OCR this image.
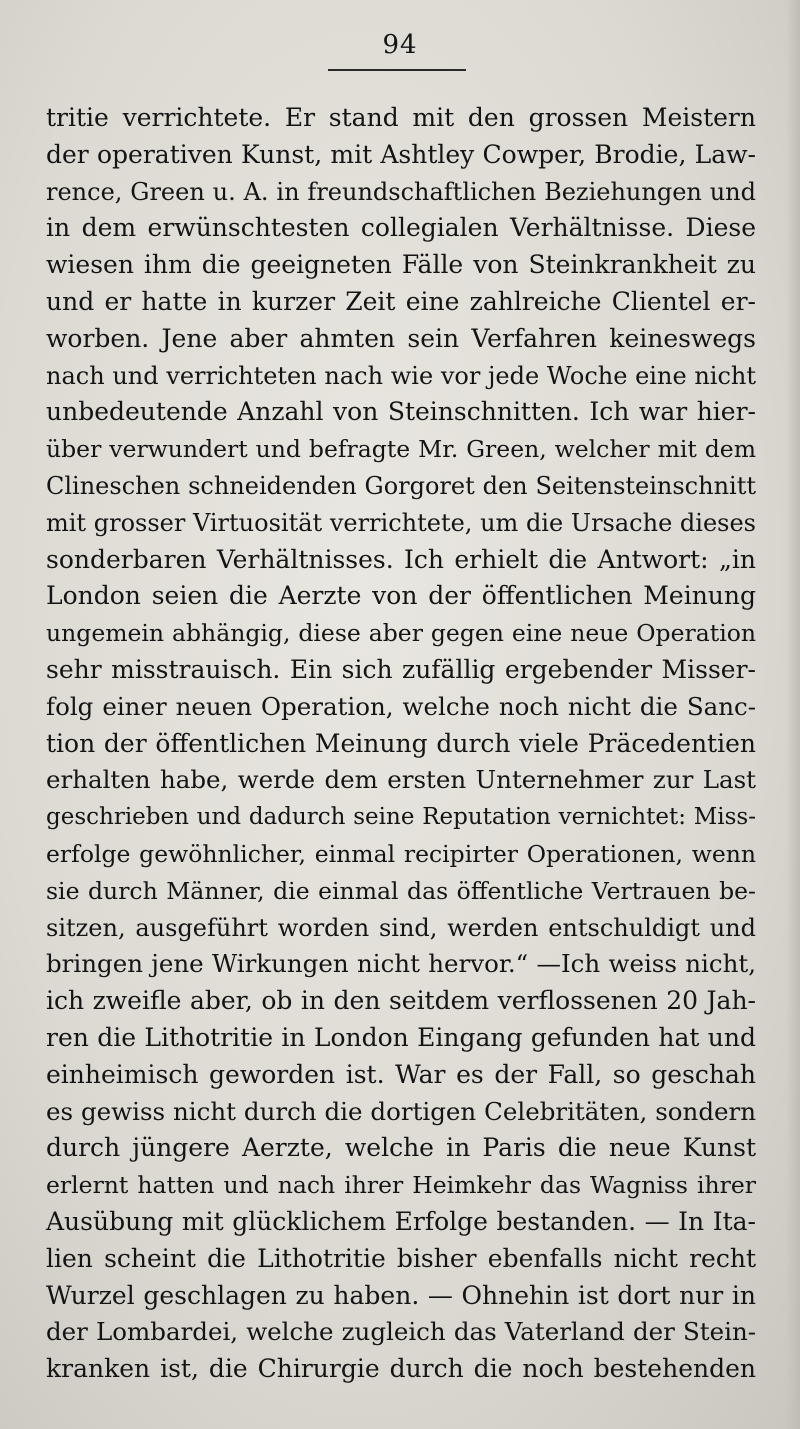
94
tritie verrichtete. Er stand mit den grossen Meistern
der operativen Kunst, mit Ashtley Cowper, Brodie, Law-
rence, Green u. A. in freundschaftlichen Beziehungen und
in dem erwünschtesten collegialen Verhältnisse. Diese
wiesen ihm die geeigneten Fälle von Steinkrankheit zu
und er hatte in kurzer Zeit eine zahlreiche Clientel er-
worben. Jene aber ahmten sein Verfahren keineswegs
nach und verrichteten nach wie vor jede Woche eine nicht
unbedeutende Anzahl von Steinschnitten. Ich war hier-
über verwundert und befragte Mr. Green, welcher mit dem
Clineschen schneidenden Gorgoret den Seitensteinschnitt
mit grosser Virtuosität verrichtete, um die Ursache dieses
sonderbaren Verhältnisses. Ich erhielt die Antwort: „in
London seien die Aerzte von der öffentlichen Meinung
ungemein abhängig, diese aber gegen eine neue Operation
sehr misstrauisch. Ein sich zufällig ergebender Misser-
folg einer neuen Operation, welche noch nicht die Sanc-
tion der öffentlichen Meinung durch viele Präcedentien
erhalten habe, werde dem ersten Unternehmer zur Last
geschrieben und dadurch seine Reputation vernichtet: Miss-
erfolge gewöhnlicher, einmal recipirter Operationen, wenn
sie durch Männer, die einmal das öffentliche Vertrauen be-
sitzen, ausgeführt worden sind, werden entschuldigt und
bringen jene Wirkungen nicht hervor.“ —Ich weiss nicht,
ich zweifle aber, ob in den seitdem verflossenen 20 Jah-
ren die Lithotritie in London Eingang gefunden hat und
einheimisch geworden ist. War es der Fall, so geschah
es gewiss nicht durch die dortigen Celebritäten, sondern
durch jüngere Aerzte, welche in Paris die neue Kunst
erlernt hatten und nach ihrer Heimkehr das Wagniss ihrer
Ausübung mit glücklichem Erfolge bestanden. — In Ita-
lien scheint die Lithotritie bisher ebenfalls nicht recht
Wurzel geschlagen zu haben. — Ohnehin ist dort nur in
der Lombardei, welche zugleich das Vaterland der Stein-
kranken ist, die Chirurgie durch die noch bestehenden
